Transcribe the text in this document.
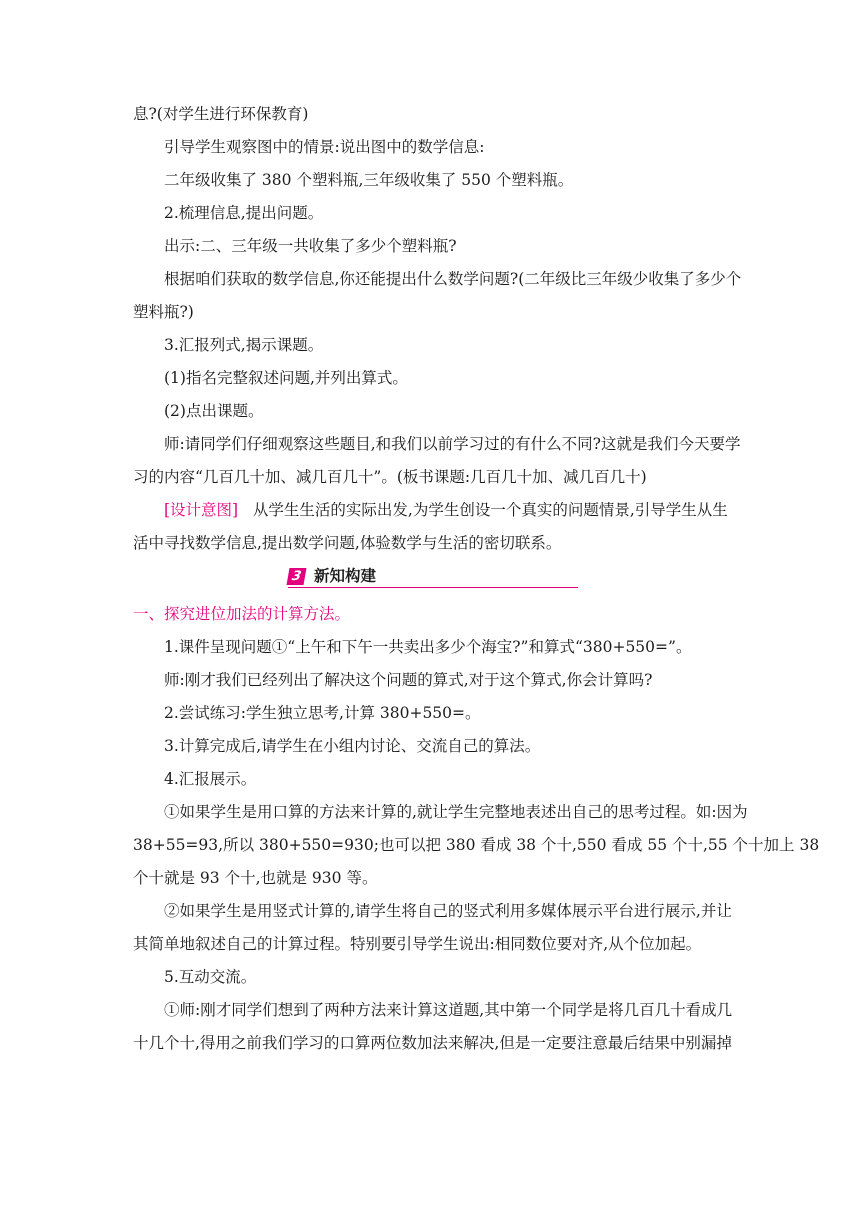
息?(对学生进行环保教育)
引导学生观察图中的情景:说出图中的数学信息:
二年级收集了 380 个塑料瓶,三年级收集了 550 个塑料瓶。
2.梳理信息,提出问题。
出示:二、三年级一共收集了多少个塑料瓶?
根据咱们获取的数学信息,你还能提出什么数学问题?(二年级比三年级少收集了多少个
塑料瓶?)
3.汇报列式,揭示课题。
(1)指名完整叙述问题,并列出算式。
(2)点出课题。
师:请同学们仔细观察这些题目,和我们以前学习过的有什么不同?这就是我们今天要学
习的内容“几百几十加、减几百几十”。(板书课题:几百几十加、减几百几十)
[设计意图]   从学生生活的实际出发,为学生创设一个真实的问题情景,引导学生从生
活中寻找数学信息,提出数学问题,体验数学与生活的密切联系。
3 新知构建
一、探究进位加法的计算方法。
1.课件呈现问题①“上午和下午一共卖出多少个海宝?”和算式“380+550=”。
师:刚才我们已经列出了解决这个问题的算式,对于这个算式,你会计算吗?
2.尝试练习:学生独立思考,计算 380+550=。
3.计算完成后,请学生在小组内讨论、交流自己的算法。
4.汇报展示。
①如果学生是用口算的方法来计算的,就让学生完整地表述出自己的思考过程。如:因为
38+55=93,所以 380+550=930;也可以把 380 看成 38 个十,550 看成 55 个十,55 个十加上 38
个十就是 93 个十,也就是 930 等。
②如果学生是用竖式计算的,请学生将自己的竖式利用多媒体展示平台进行展示,并让
其简单地叙述自己的计算过程。特别要引导学生说出:相同数位要对齐,从个位加起。
5.互动交流。
①师:刚才同学们想到了两种方法来计算这道题,其中第一个同学是将几百几十看成几
十几个十,得用之前我们学习的口算两位数加法来解决,但是一定要注意最后结果中别漏掉
